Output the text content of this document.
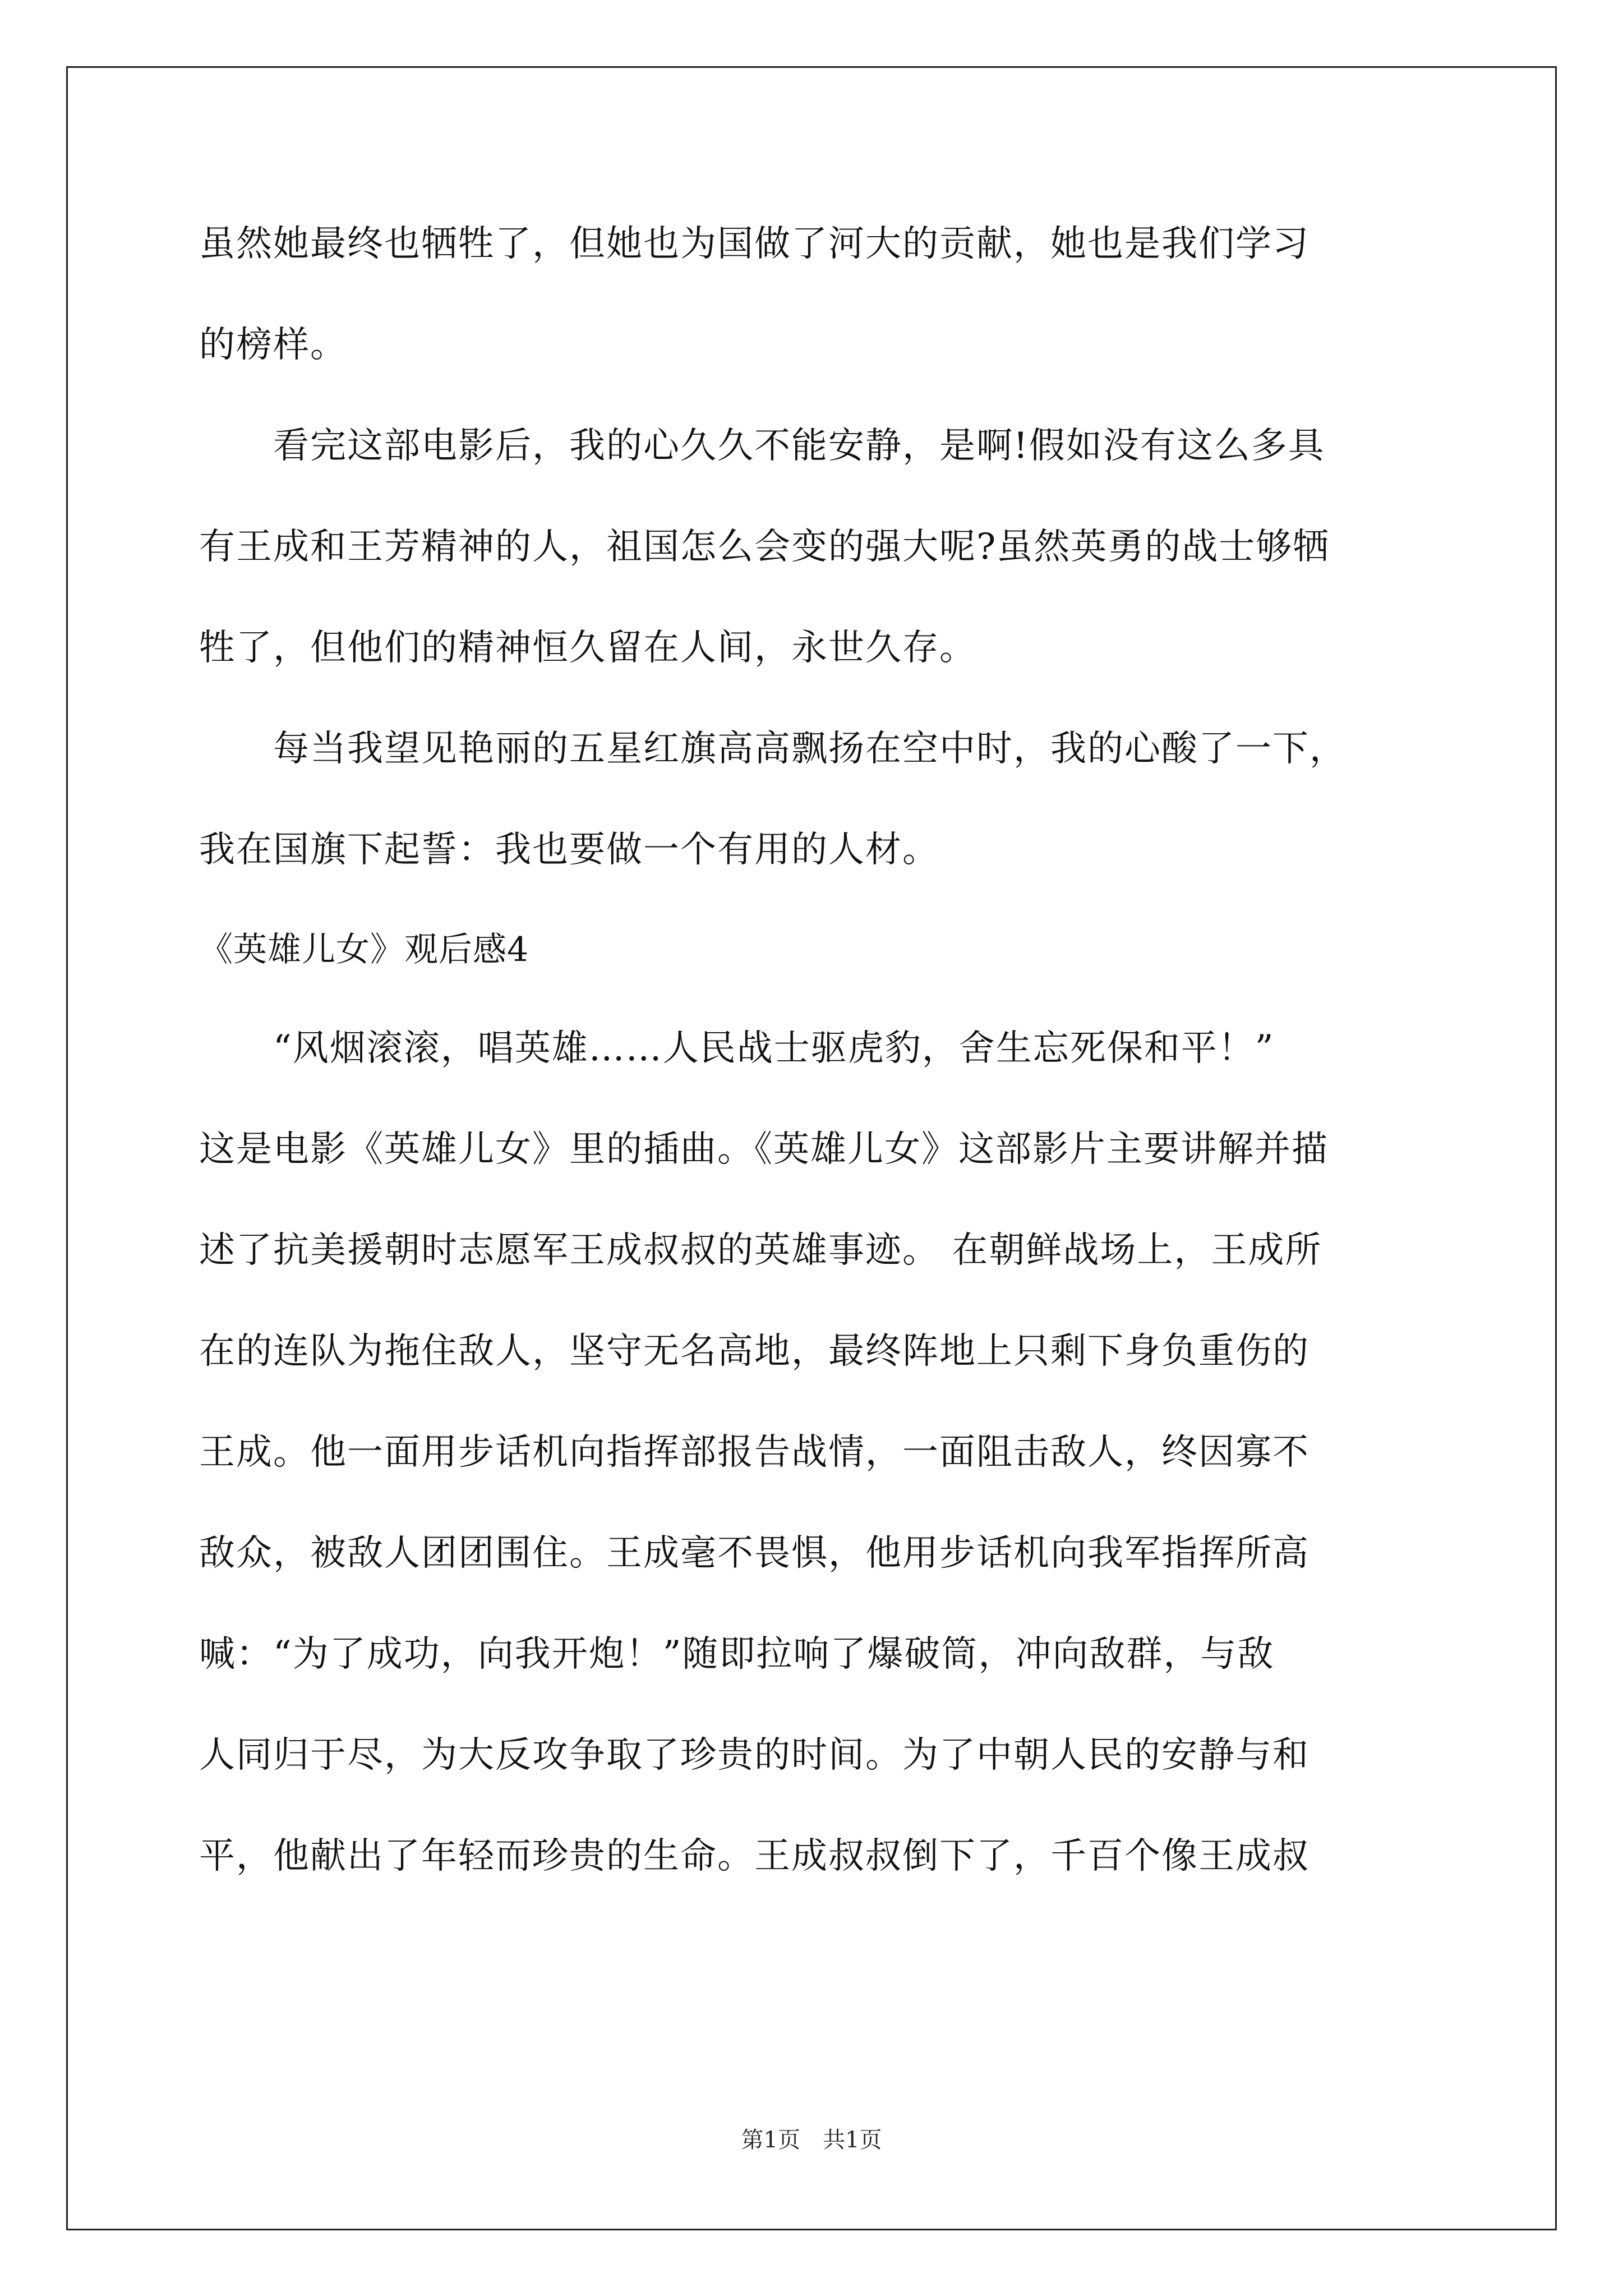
虽然她最终也牺牲了，但她也为国做了河大的贡献，她也是我们学习
的榜样。
　　看完这部电影后，我的心久久不能安静，是啊!假如没有这么多具
有王成和王芳精神的人，祖国怎么会变的强大呢?虽然英勇的战士够牺
牲了，但他们的精神恒久留在人间，永世久存。
　　每当我望见艳丽的五星红旗高高飘扬在空中时，我的心酸了一下，
我在国旗下起誓：我也要做一个有用的人材。
《英雄儿女》观后感4
　　“风烟滚滚，唱英雄……人民战士驱虎豹，舍生忘死保和平！”
这是电影《英雄儿女》里的插曲。《英雄儿女》这部影片主要讲解并描
述了抗美援朝时志愿军王成叔叔的英雄事迹。 在朝鲜战场上，王成所
在的连队为拖住敌人，坚守无名高地，最终阵地上只剩下身负重伤的
王成。他一面用步话机向指挥部报告战情，一面阻击敌人，终因寡不
敌众，被敌人团团围住。王成毫不畏惧，他用步话机向我军指挥所高
喊：“为了成功，向我开炮！”随即拉响了爆破筒，冲向敌群，与敌
人同归于尽，为大反攻争取了珍贵的时间。为了中朝人民的安静与和
平，他献出了年轻而珍贵的生命。王成叔叔倒下了，千百个像王成叔
第1页　共1页
